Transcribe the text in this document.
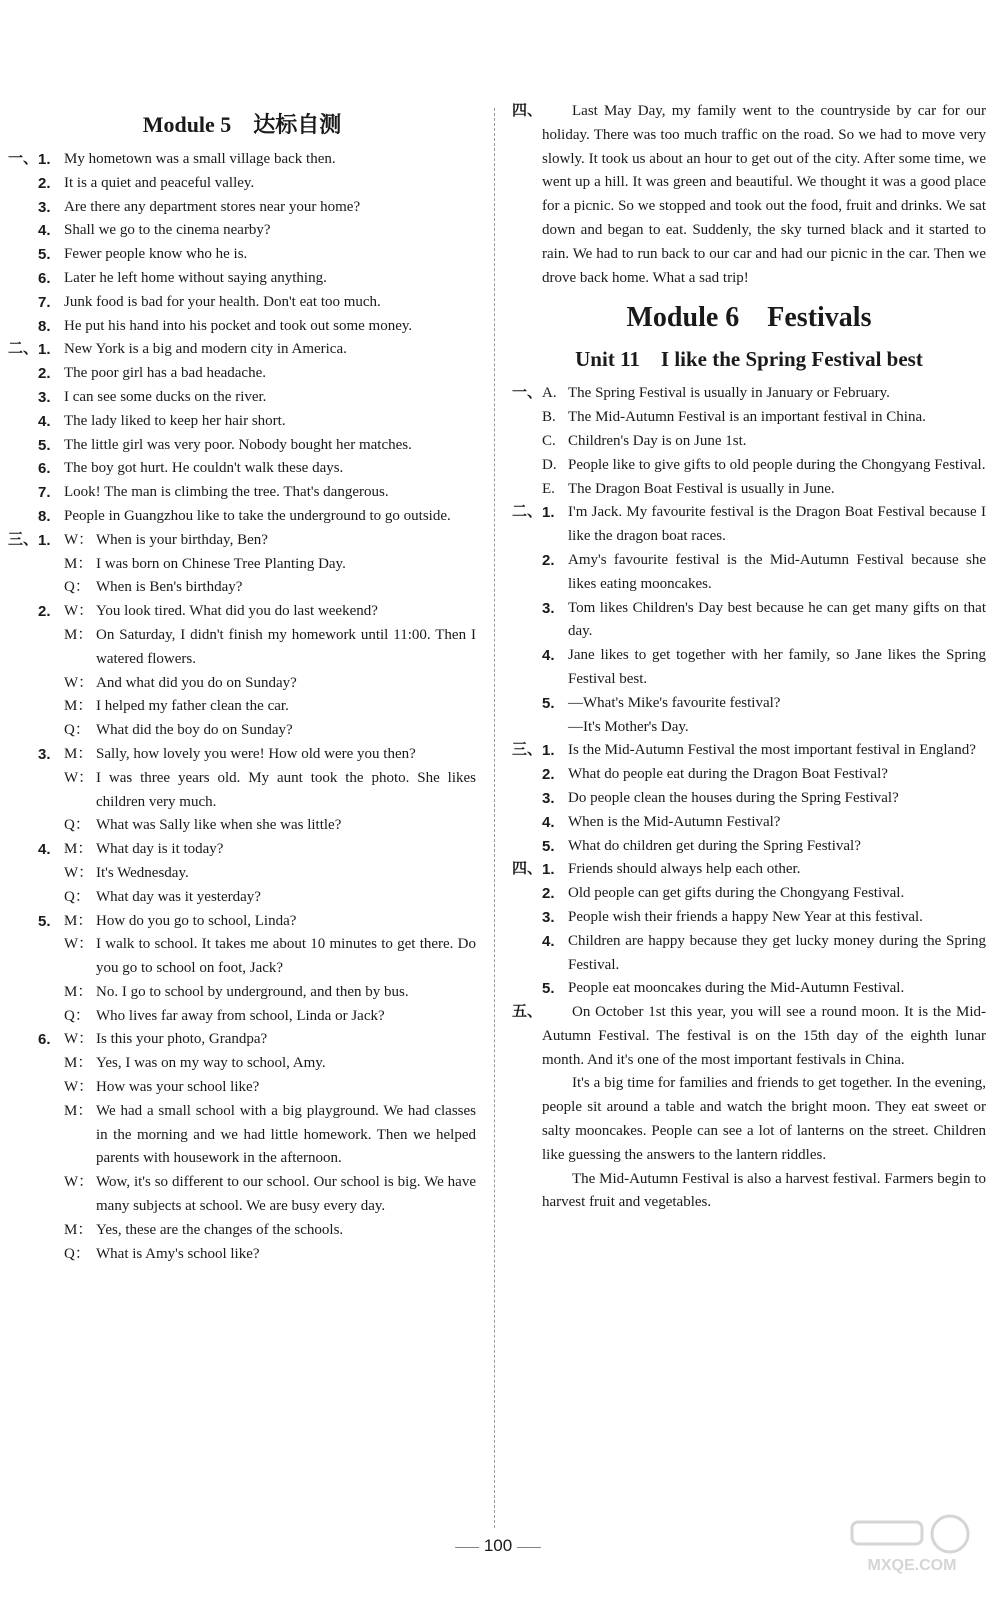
Module 5　达标自测
一、 1. My hometown was a small village back then.
2. It is a quiet and peaceful valley.
3. Are there any department stores near your home?
4. Shall we go to the cinema nearby?
5. Fewer people know who he is.
6. Later he left home without saying anything.
7. Junk food is bad for your health. Don't eat too much.
8. He put his hand into his pocket and took out some money.
二、 1. New York is a big and modern city in America.
2. The poor girl has a bad headache.
3. I can see some ducks on the river.
4. The lady liked to keep her hair short.
5. The little girl was very poor. Nobody bought her matches.
6. The boy got hurt. He couldn't walk these days.
7. Look! The man is climbing the tree. That's dangerous.
8. People in Guangzhou like to take the underground to go outside.
三、 1. W： When is your birthday, Ben?
M： I was born on Chinese Tree Planting Day.
Q： When is Ben's birthday?
2. W： You look tired. What did you do last weekend?
M： On Saturday, I didn't finish my homework until 11:00. Then I watered flowers.
W： And what did you do on Sunday?
M： I helped my father clean the car.
Q： What did the boy do on Sunday?
3. M： Sally, how lovely you were! How old were you then?
W： I was three years old. My aunt took the photo. She likes children very much.
Q： What was Sally like when she was little?
4. M： What day is it today?
W： It's Wednesday.
Q： What day was it yesterday?
5. M： How do you go to school, Linda?
W： I walk to school. It takes me about 10 minutes to get there. Do you go to school on foot, Jack?
M： No. I go to school by underground, and then by bus.
Q： Who lives far away from school, Linda or Jack?
6. W： Is this your photo, Grandpa?
M： Yes, I was on my way to school, Amy.
W： How was your school like?
M： We had a small school with a big playground. We had classes in the morning and we had little homework. Then we helped parents with housework in the afternoon.
W： Wow, it's so different to our school. Our school is big. We have many subjects at school. We are busy every day.
M： Yes, these are the changes of the schools.
Q： What is Amy's school like?
四、	Last May Day, my family went to the countryside by car for our holiday. There was too much traffic on the road. So we had to move very slowly. It took us about an hour to get out of the city. After some time, we went up a hill. It was green and beautiful. We thought it was a good place for a picnic. So we stopped and took out the food, fruit and drinks. We sat down and began to eat. Suddenly, the sky turned black and it started to rain. We had to run back to our car and had our picnic in the car. Then we drove back home. What a sad trip!
Module 6　Festivals
Unit 11　I like the Spring Festival best
一、 A. The Spring Festival is usually in January or February.
B. The Mid-Autumn Festival is an important festival in China.
C. Children's Day is on June 1st.
D. People like to give gifts to old people during the Chongyang Festival.
E. The Dragon Boat Festival is usually in June.
二、 1. I'm Jack. My favourite festival is the Dragon Boat Festival because I like the dragon boat races.
2. Amy's favourite festival is the Mid-Autumn Festival because she likes eating mooncakes.
3. Tom likes Children's Day best because he can get many gifts on that day.
4. Jane likes to get together with her family, so Jane likes the Spring Festival best.
5. —What's Mike's favourite festival?
—It's Mother's Day.
三、 1. Is the Mid-Autumn Festival the most important festival in England?
2. What do people eat during the Dragon Boat Festival?
3. Do people clean the houses during the Spring Festival?
4. When is the Mid-Autumn Festival?
5. What do children get during the Spring Festival?
四、 1. Friends should always help each other.
2. Old people can get gifts during the Chongyang Festival.
3. People wish their friends a happy New Year at this festival.
4. Children are happy because they get lucky money during the Spring Festival.
5. People eat mooncakes during the Mid-Autumn Festival.
五、	On October 1st this year, you will see a round moon. It is the Mid-Autumn Festival. The festival is on the 15th day of the eighth lunar month. And it's one of the most important festivals in China.
It's a big time for families and friends to get together. In the evening, people sit around a table and watch the bright moon. They eat sweet or salty mooncakes. People can see a lot of lanterns on the street. Children like guessing the answers to the lantern riddles.
The Mid-Autumn Festival is also a harvest festival. Farmers begin to harvest fruit and vegetables.
—— 100 ——
MXQE.COM
